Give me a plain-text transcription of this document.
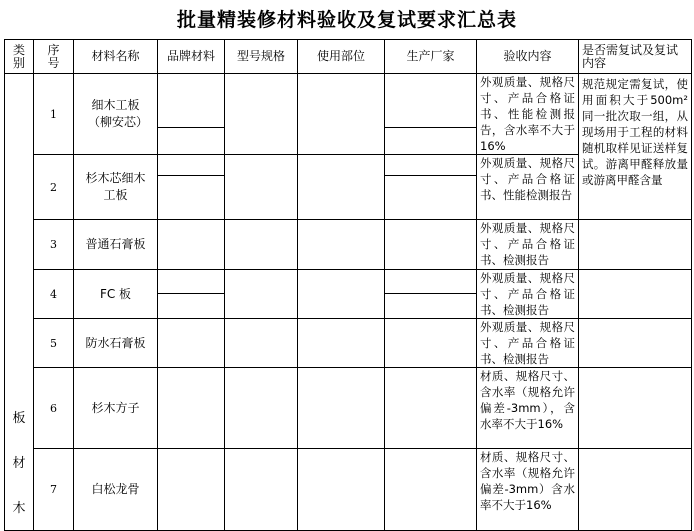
批量精装修材料验收及复试要求汇总表
类别	序号	材料名称	品牌材料	型号规格	使用部位	生产厂家	验收内容	是否需复试及复试内容

板
材
木	1	细木工板（柳安芯）					外观质量、规格尺寸、产品合格证书、性能检测报告，含水率不大于 16%	规范规定需复试，使用面积大于500m² 同一批次取一组，从现场用于工程的材料随机取样见证送样复试。游离甲醛释放量或游离甲醛含量
	2	杉木芯细木工板					外观质量、规格尺寸、产品合格证书、性能检测报告	
	3	普通石膏板					外观质量、规格尺寸、产品合格证书、检测报告	
	4	FC 板					外观质量、规格尺寸、产品合格证书、检测报告	
	5	防水石膏板					外观质量、规格尺寸、产品合格证书、检测报告	
	6	杉木方子					材质、规格尺寸、含水率（规格允许偏差-3mm），含水率不大于16%	
	7	白松龙骨					材质、规格尺寸、含水率（规格允许偏差-3mm）含水率不大于16%	
